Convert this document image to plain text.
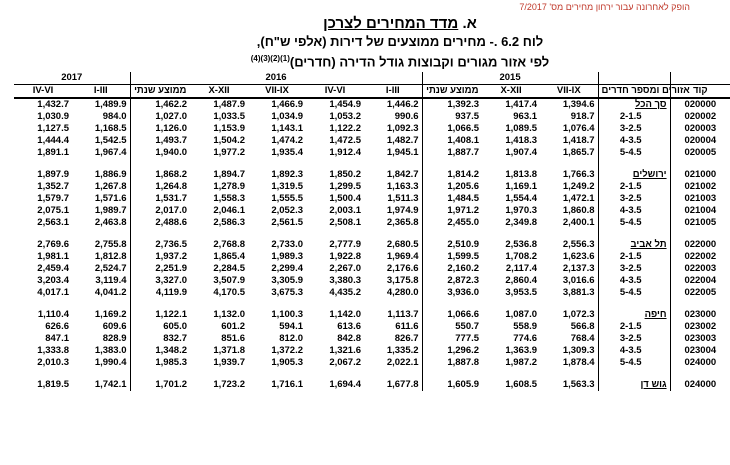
הופק לאחרונה עבור ירחון מחירים מס' 7/2017
א. מדד המחירים לצרכן
לוח 6.2 .- מחירים ממוצעים של דירות (אלפי ש"ח),
לפי אזור מגורים וקבוצות גודל הדירה (חדרים)$^{(1)(2)(3)(4)}$
2017		2016					2015				
IV-VI	I-III	ממוצע שנתי	X-XII	VII-IX	IV-VI	I-III	ממוצע שנתי	X-XII	VII-IX	אזורים ומספר חדרים	קוד
1,432.7	1,489.9	1,462.2	1,487.9	1,466.9	1,454.9	1,446.2	1,392.3	1,417.4	1,394.6	סך הכל	020000
1,030.9	984.0	1,027.0	1,033.5	1,034.9	1,053.2	990.6	937.5	963.1	918.7	2-1.5	020002
1,127.5	1,168.5	1,126.0	1,153.9	1,143.1	1,122.2	1,092.3	1,066.5	1,089.5	1,076.4	3-2.5	020003
1,444.4	1,542.5	1,493.7	1,504.2	1,474.2	1,472.5	1,482.7	1,408.1	1,418.3	1,418.7	4-3.5	020004
1,891.1	1,967.4	1,940.0	1,977.2	1,935.4	1,912.4	1,945.1	1,887.7	1,907.4	1,865.7	5-4.5	020005

1,897.9	1,886.9	1,868.2	1,894.7	1,892.3	1,850.2	1,842.7	1,814.2	1,813.8	1,766.3	ירושלים	021000
1,352.7	1,267.8	1,264.8	1,278.9	1,319.5	1,299.5	1,163.3	1,205.6	1,169.1	1,249.2	2-1.5	021002
1,579.7	1,571.6	1,531.7	1,558.3	1,555.5	1,500.4	1,511.3	1,484.5	1,554.4	1,472.1	3-2.5	021003
2,075.1	1,989.7	2,017.0	2,046.1	2,052.3	2,003.1	1,974.9	1,971.2	1,970.3	1,860.8	4-3.5	021004
2,563.1	2,463.8	2,488.6	2,586.3	2,561.5	2,508.1	2,365.8	2,455.0	2,349.8	2,400.1	5-4.5	021005

2,769.6	2,755.8	2,736.5	2,768.8	2,733.0	2,777.9	2,680.5	2,510.9	2,536.8	2,556.3	תל אביב	022000
1,981.1	1,812.8	1,937.2	1,865.4	1,989.3	1,922.8	1,969.4	1,599.5	1,708.2	1,623.6	2-1.5	022002
2,459.4	2,524.7	2,251.9	2,284.5	2,299.4	2,267.0	2,176.6	2,160.2	2,117.4	2,137.3	3-2.5	022003
3,203.4	3,119.4	3,327.0	3,507.9	3,305.9	3,380.3	3,175.8	2,872.3	2,860.4	3,016.6	4-3.5	022004
4,017.1	4,041.2	4,119.9	4,170.5	3,675.3	4,435.2	4,280.0	3,936.0	3,953.5	3,881.3	5-4.5	022005

1,110.4	1,169.2	1,122.1	1,132.0	1,100.3	1,142.0	1,113.7	1,066.6	1,087.0	1,072.3	חיפה	023000
626.6	609.6	605.0	601.2	594.1	613.6	611.6	550.7	558.9	566.8	2-1.5	023002
847.1	828.9	832.7	851.6	812.0	842.8	826.7	777.5	774.6	768.4	3-2.5	023003
1,333.8	1,383.0	1,348.2	1,371.8	1,372.2	1,321.6	1,335.2	1,296.2	1,363.9	1,309.3	4-3.5	023004
2,010.3	1,990.4	1,985.3	1,939.7	1,905.3	2,067.2	2,022.1	1,887.8	1,987.2	1,878.4	5-4.5	024000

1,819.5	1,742.1	1,701.2	1,723.2	1,716.1	1,694.4	1,677.8	1,605.9	1,608.5	1,563.3	גוש דן	024000
